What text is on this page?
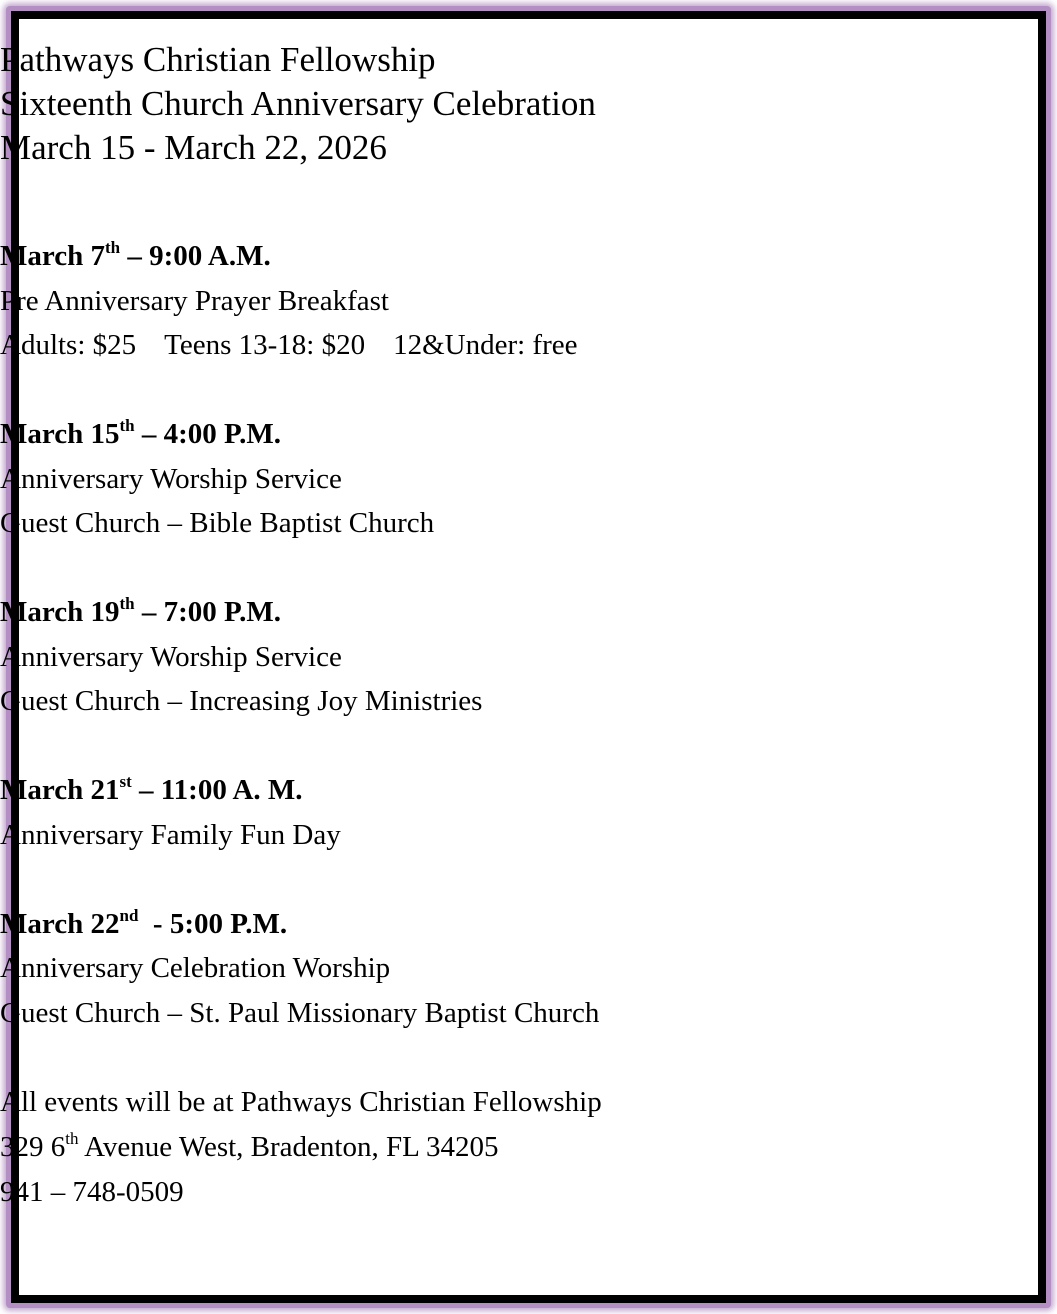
Pathways Christian Fellowship
Sixteenth Church Anniversary Celebration
March 15 - March 22, 2026
March 7th – 9:00 A.M.
Pre Anniversary Prayer Breakfast
Adults: $25 Teens 13-18: $20 12&Under: free
March 15th – 4:00 P.M.
Anniversary Worship Service
Guest Church – Bible Baptist Church
March 19th – 7:00 P.M.
Anniversary Worship Service
Guest Church – Increasing Joy Ministries
March 21st – 11:00 A. M.
Anniversary Family Fun Day
March 22nd  - 5:00 P.M.
Anniversary Celebration Worship
Guest Church – St. Paul Missionary Baptist Church
All events will be at Pathways Christian Fellowship
329 6th Avenue West, Bradenton, FL 34205
941 – 748-0509
